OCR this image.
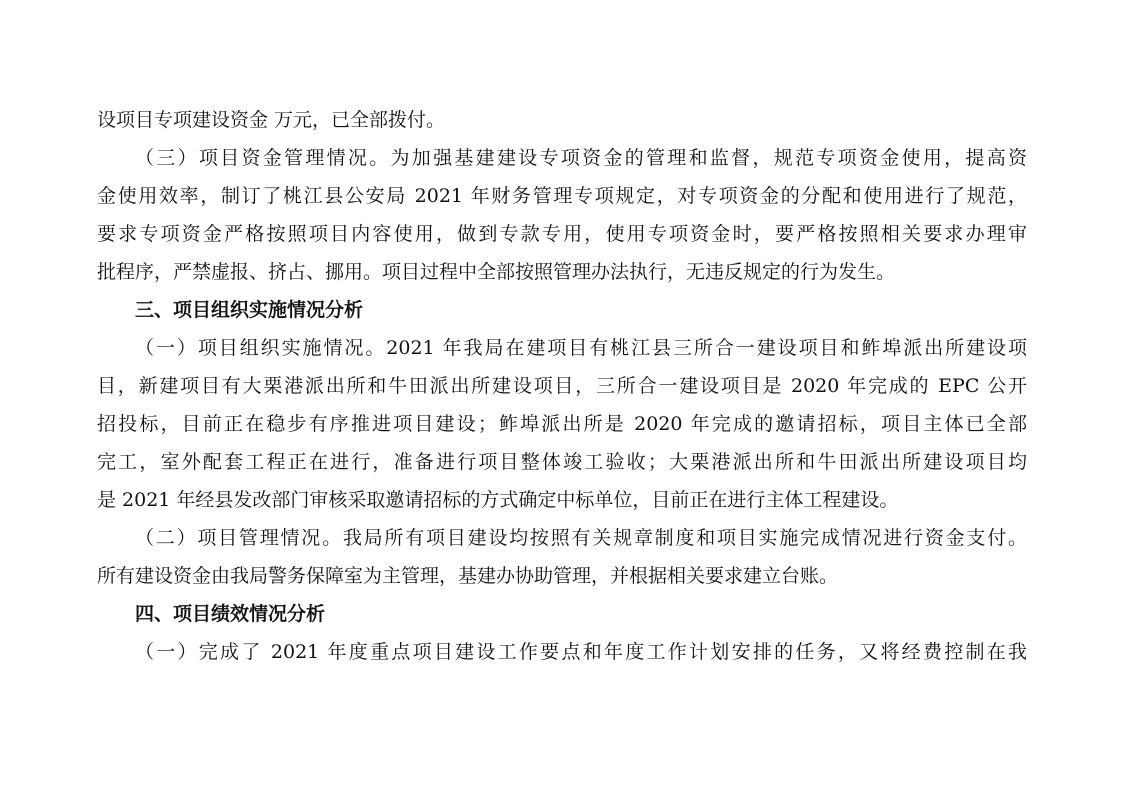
设项目专项建设资金 万元，已全部拨付。
（三）项目资金管理情况。为加强基建建设专项资金的管理和监督，规范专项资金使用，提高资
金使用效率，制订了桃江县公安局 2021 年财务管理专项规定，对专项资金的分配和使用进行了规范，
要求专项资金严格按照项目内容使用，做到专款专用，使用专项资金时，要严格按照相关要求办理审
批程序，严禁虚报、挤占、挪用。项目过程中全部按照管理办法执行，无违反规定的行为发生。
三、项目组织实施情况分析
（一）项目组织实施情况。2021 年我局在建项目有桃江县三所合一建设项目和鲊埠派出所建设项
目，新建项目有大栗港派出所和牛田派出所建设项目，三所合一建设项目是 2020 年完成的 EPC 公开
招投标，目前正在稳步有序推进项目建设；鲊埠派出所是 2020 年完成的邀请招标，项目主体已全部
完工，室外配套工程正在进行，准备进行项目整体竣工验收；大栗港派出所和牛田派出所建设项目均
是 2021 年经县发改部门审核采取邀请招标的方式确定中标单位，目前正在进行主体工程建设。
（二）项目管理情况。我局所有项目建设均按照有关规章制度和项目实施完成情况进行资金支付。
所有建设资金由我局警务保障室为主管理，基建办协助管理，并根据相关要求建立台账。
四、项目绩效情况分析
（一）完成了 2021 年度重点项目建设工作要点和年度工作计划安排的任务，又将经费控制在我
